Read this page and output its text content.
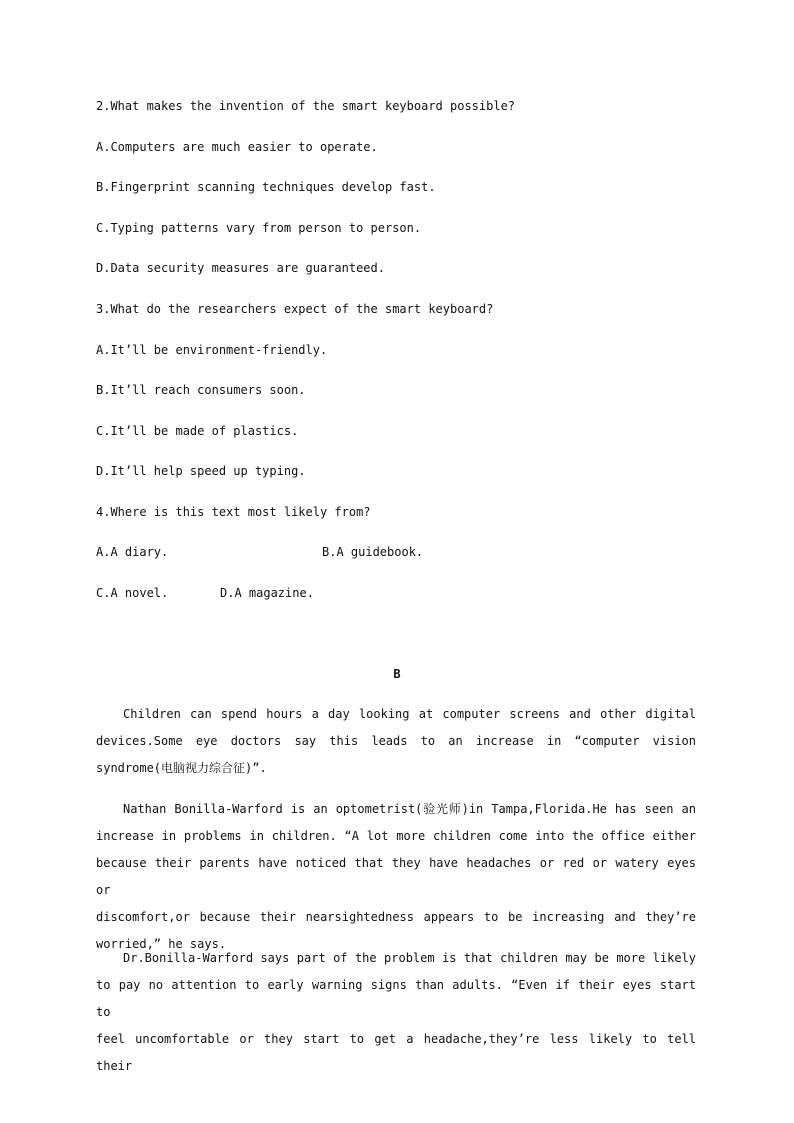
2.What makes the invention of the smart keyboard possible?
A.Computers are much easier to operate.
B.Fingerprint scanning techniques develop fast.
C.Typing patterns vary from person to person.
D.Data security measures are guaranteed.
3.What do the researchers expect of the smart keyboard?
A.It’ll be environment-friendly.
B.It’ll reach consumers soon.
C.It’ll be made of plastics.
D.It’ll help speed up typing.
4.Where is this text most likely from?
A.A diary.	B.A guidebook.
C.A novel.	D.A magazine.
B
Children can spend hours a day looking at computer screens and other digital
devices.Some eye doctors say this leads to an increase in “computer vision
syndrome(电脑视力综合征)”.
Nathan Bonilla-Warford is an optometrist(验光师)in Tampa,Florida.He has seen an
increase in problems in children. “A lot more children come into the office either
because their parents have noticed that they have headaches or red or watery eyes or
discomfort,or because their nearsightedness appears to be increasing and they’re
worried,” he says.
Dr.Bonilla-Warford says part of the problem is that children may be more likely
to pay no attention to early warning signs than adults. “Even if their eyes start to
feel uncomfortable or they start to get a headache,they’re less likely to tell their
